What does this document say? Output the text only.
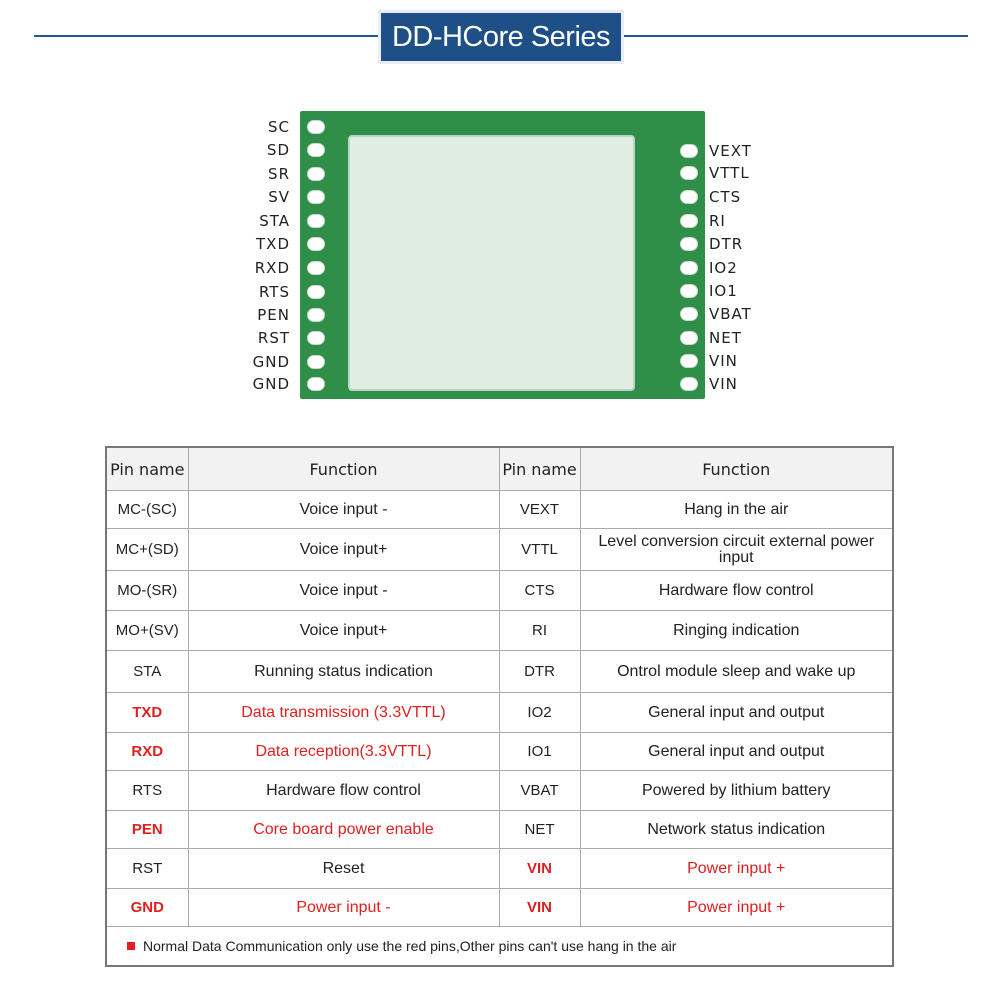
DD-HCore Series
SC
SD
SR
SV
STA
TXD
RXD
RTS
PEN
RST
GND
GND
VEXT
VTTL
CTS
RI
DTR
IO2
IO1
VBAT
NET
VIN
VIN
Pin name	Function	Pin name	Function
MC-(SC)	Voice input -	VEXT	Hang in the air
MC+(SD)	Voice input+	VTTL	Level conversion circuit external power input
MO-(SR)	Voice input -	CTS	Hardware flow control
MO+(SV)	Voice input+	RI	Ringing indication
STA	Running status indication	DTR	Ontrol module sleep and wake up
TXD	Data transmission (3.3VTTL)	IO2	General input and output
RXD	Data reception(3.3VTTL)	IO1	General input and output
RTS	Hardware flow control	VBAT	Powered by lithium battery
PEN	Core board power enable	NET	Network status indication
RST	Reset	VIN	Power input +
GND	Power input -	VIN	Power input +
Normal Data Communication only use the red pins,Other pins can't use hang in the air			
